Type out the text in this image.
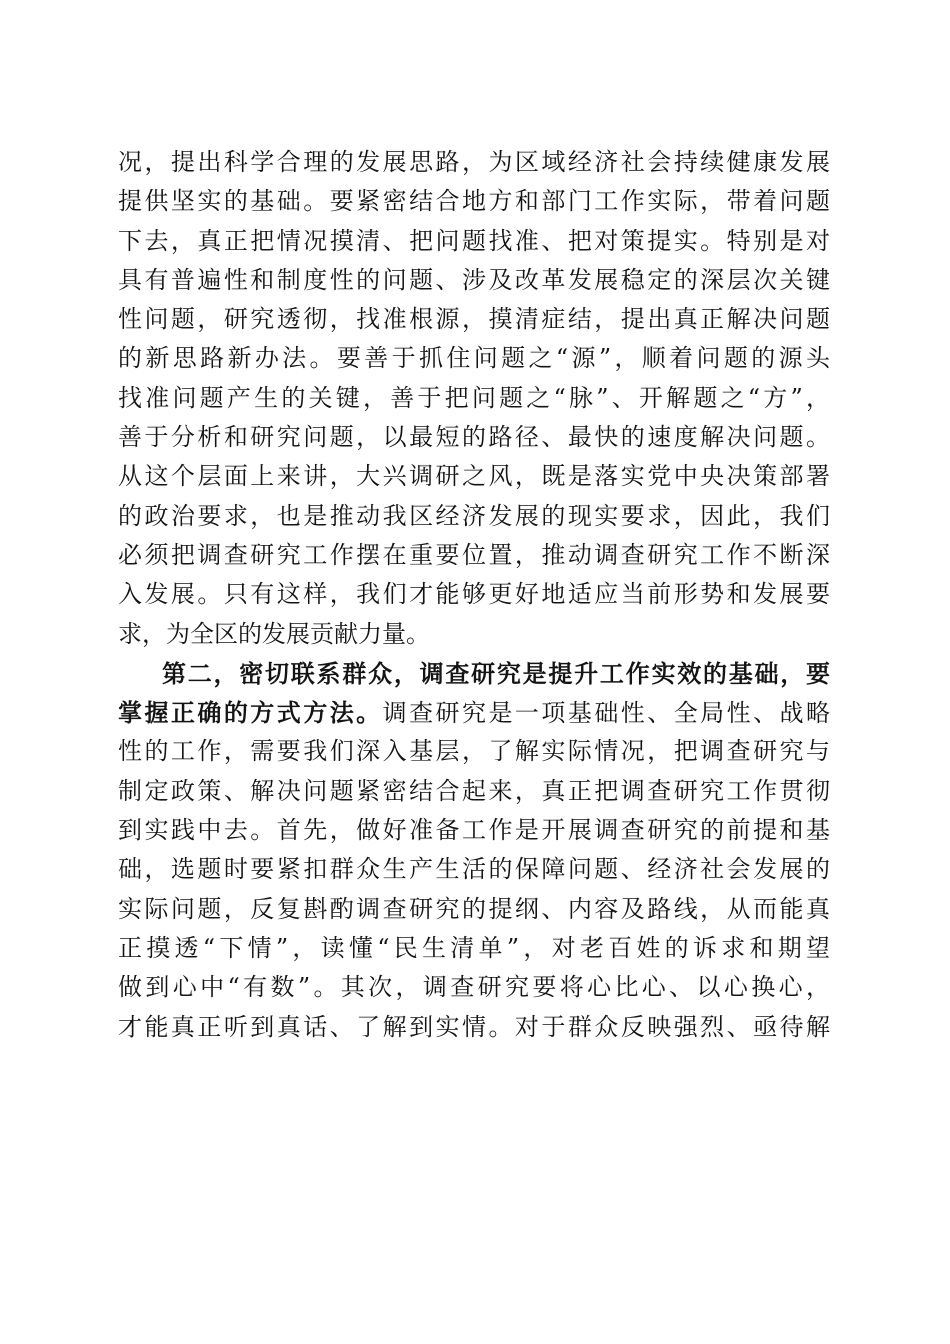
况，提出科学合理的发展思路，为区域经济社会持续健康发展
提供坚实的基础。要紧密结合地方和部门工作实际，带着问题
下去，真正把情况摸清、把问题找准、把对策提实。特别是对
具有普遍性和制度性的问题、涉及改革发展稳定的深层次关键
性问题，研究透彻，找准根源，摸清症结，提出真正解决问题
的新思路新办法。要善于抓住问题之“源”，顺着问题的源头
找准问题产生的关键，善于把问题之“脉”、开解题之“方”，
善于分析和研究问题，以最短的路径、最快的速度解决问题。
从这个层面上来讲，大兴调研之风，既是落实党中央决策部署
的政治要求，也是推动我区经济发展的现实要求，因此，我们
必须把调查研究工作摆在重要位置，推动调查研究工作不断深
入发展。只有这样，我们才能够更好地适应当前形势和发展要
求，为全区的发展贡献力量。
第二，密切联系群众，调查研究是提升工作实效的基础，要
掌握正确的方式方法。调查研究是一项基础性、全局性、战略
性的工作，需要我们深入基层，了解实际情况，把调查研究与
制定政策、解决问题紧密结合起来，真正把调查研究工作贯彻
到实践中去。首先，做好准备工作是开展调查研究的前提和基
础，选题时要紧扣群众生产生活的保障问题、经济社会发展的
实际问题，反复斟酌调查研究的提纲、内容及路线，从而能真
正摸透“下情”，读懂“民生清单”，对老百姓的诉求和期望
做到心中“有数”。其次，调查研究要将心比心、以心换心，
才能真正听到真话、了解到实情。对于群众反映强烈、亟待解
